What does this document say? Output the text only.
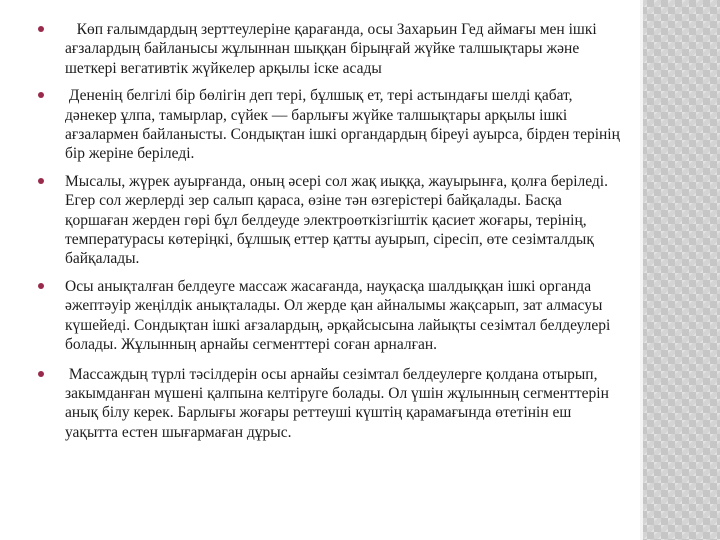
Көп ғалымдардың зерттеулеріне қарағанда, осы Захарьин Гед аймағы мен ішкі ағзалардың байланысы жұлыннан шыққан бірыңғай жүйке талшықтары және шеткері вегативтік жүйкелер арқылы іске асады
Дененің белгілі бір бөлігін деп тері, бұлшық ет, тері астындағы шелді қабат, дәнекер ұлпа, тамырлар, сүйек — барлығы жүйке талшықтары арқылы ішкі ағзалармен байланысты. Сондықтан ішкі органдардың біреуі ауырса, бірден терінің бір жеріне беріледі.
Мысалы, жүрек ауырғанда, оның әсері сол жақ иыққа, жауырынға, қолға беріледі. Егер сол жерлерді зер салып қараса, өзіне тән өзгерістері байқалады. Басқа қоршаған жерден гөрі бұл белдеуде электроөткізгіштік қасиет жоғары, терінің, температурасы көтеріңкі, бұлшық еттер қатты ауырып, сіресіп, өте сезімталдық байқалады.
Осы анықталған белдеуге массаж жасағанда, науқасқа шалдыққан ішкі органда әжептәуір жеңілдік анықталады. Ол жерде қан айналымы жақсарып, зат алмасуы күшейеді. Сондықтан ішкі ағзалардың, әрқайсысына лайықты сезімтал белдеулері болады. Жұлынның арнайы сегменттері соған арналған.
Массаждың түрлі тәсілдерін осы арнайы сезімтал белдеулерге қолдана отырып, закымданған мүшені қалпына келтіруге болады. Ол үшін жұлынның сегменттерін анық білу керек. Барлығы жоғары реттеуші күштің қарамағында өтетінін еш уақытта естен шығармаған дұрыс.
